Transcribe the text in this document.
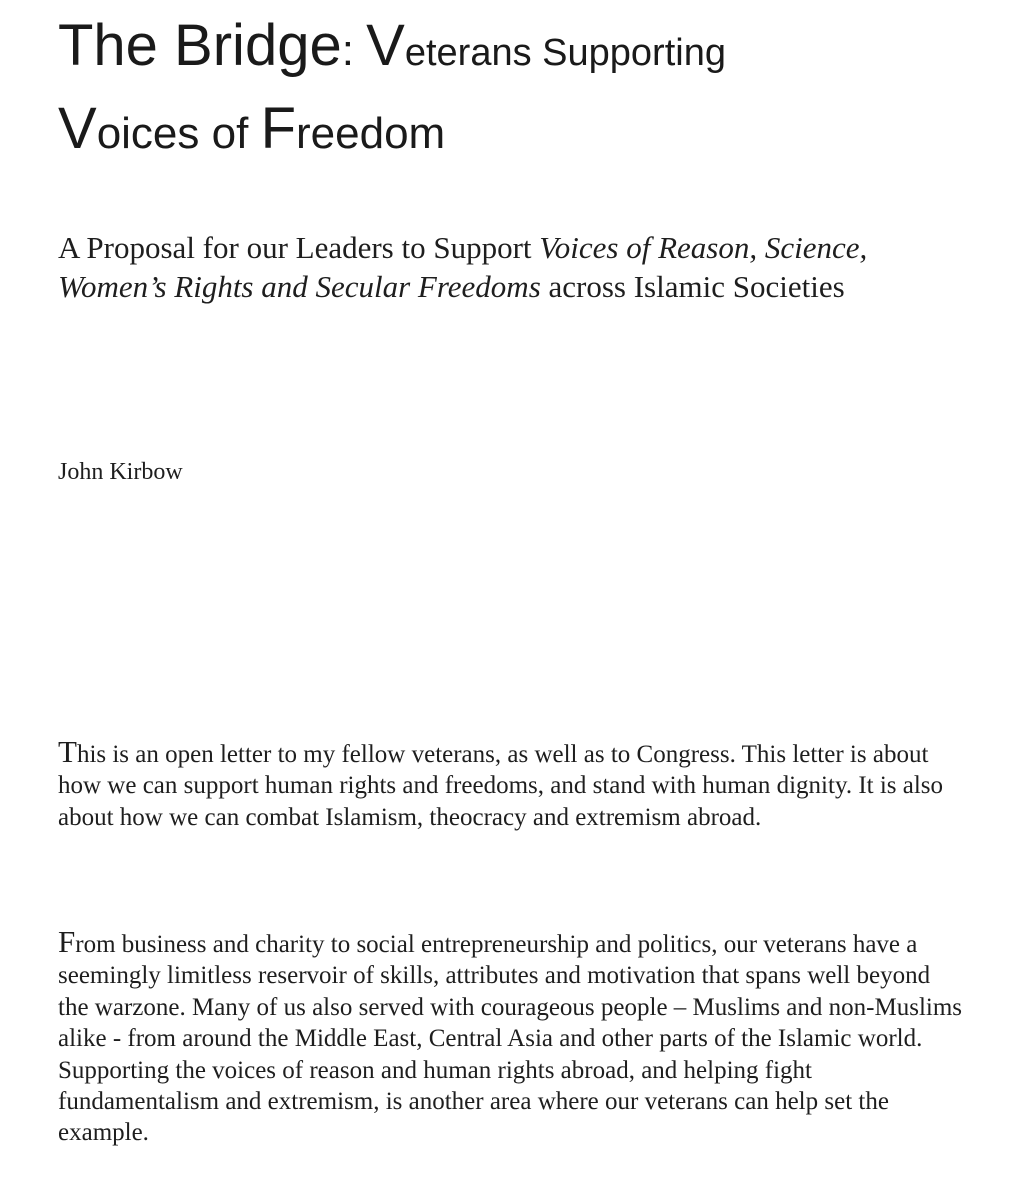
The Bridge: Veterans Supporting
Voices of Freedom

A Proposal for our Leaders to Support Voices of Reason, Science, Women’s Rights and Secular Freedoms across Islamic Societies

John Kirbow

This is an open letter to my fellow veterans, as well as to Congress. This letter is about how we can support human rights and freedoms, and stand with human dignity. It is also about how we can combat Islamism, theocracy and extremism abroad.

From business and charity to social entrepreneurship and politics, our veterans have a seemingly limitless reservoir of skills, attributes and motivation that spans well beyond the warzone. Many of us also served with courageous people – Muslims and non-Muslims alike - from around the Middle East, Central Asia and other parts of the Islamic world. Supporting the voices of reason and human rights abroad, and helping fight fundamentalism and extremism, is another area where our veterans can help set the example.
